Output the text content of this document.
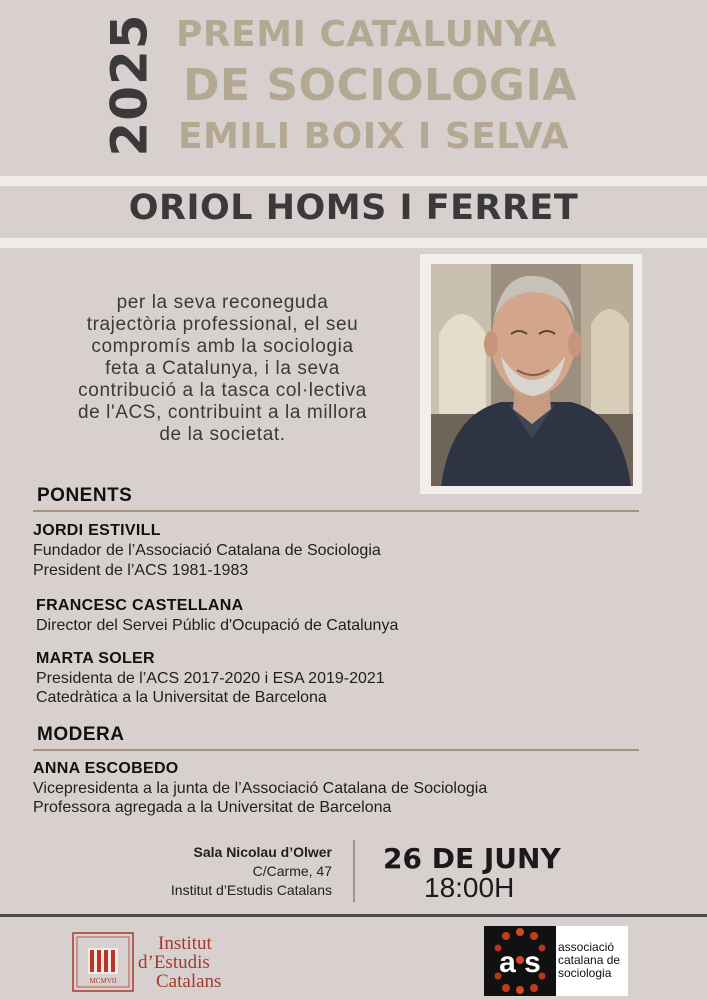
2025 PREMI CATALUNYA
DE SOCIOLOGIA
EMILI BOIX I SELVA
ORIOL HOMS I FERRET
per la seva reconeguda
trajectòria professional, el seu
compromís amb la sociologia
feta a Catalunya, i la seva
contribució a la tasca col·lectiva
de l'ACS, contribuint a la millora
de la societat.
PONENTS
JORDI ESTIVILL
Fundador de l’Associació Catalana de Sociologia
President de l’ACS 1981-1983
FRANCESC CASTELLANA
Director del Servei Públic d'Ocupació de Catalunya
MARTA SOLER
Presidenta de l’ACS 2017-2020 i ESA 2019-2021
Catedràtica a la Universitat de Barcelona
MODERA
ANNA ESCOBEDO
Vicepresidenta a la junta de l’Associació Catalana de Sociologia
Professora agregada a la Universitat de Barcelona
Sala Nicolau d’Olwer
C/Carme, 47
Institut d’Estudis Catalans
26 DE JUNY
18:00H
MCMVII
Institut
d’Estudis
Catalans
a s associació
catalana de
sociologia
